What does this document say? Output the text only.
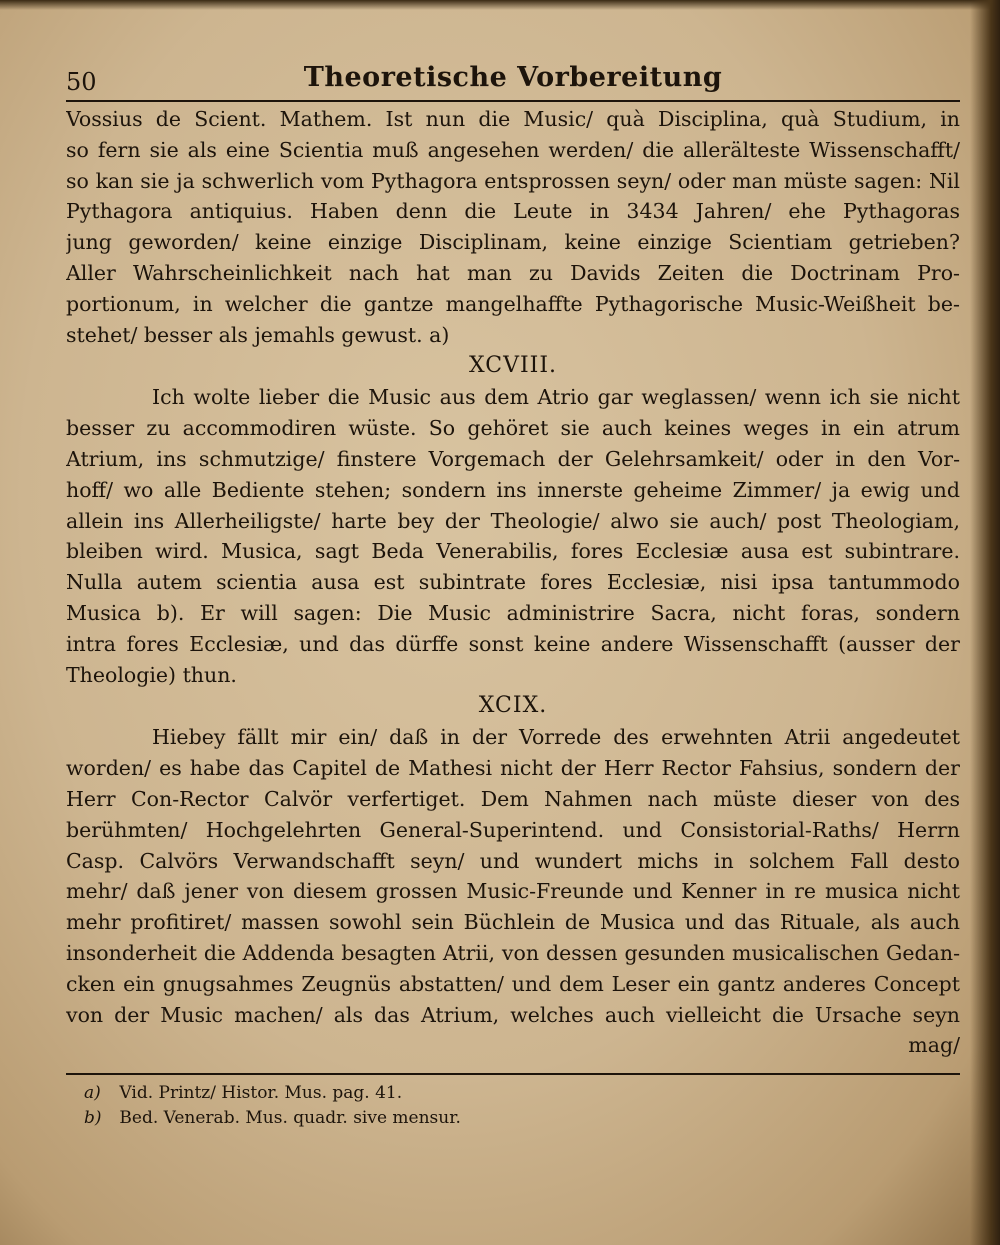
50	Theoretische Vorbereitung
Vossius de Scient. Mathem. Ist nun die Music/ quà Disciplina, quà Studium, in
so fern sie als eine Scientia muß angesehen werden/ die allerälteste Wissenschafft/
so kan sie ja schwerlich vom Pythagora entsprossen seyn/ oder man müste sagen: Nil
Pythagora antiquius. Haben denn die Leute in 3434 Jahren/ ehe Pythagoras
jung geworden/ keine einzige Disciplinam, keine einzige Scientiam getrieben?
Aller Wahrscheinlichkeit nach hat man zu Davids Zeiten die Doctrinam Pro-
portionum, in welcher die gantze mangelhaffte Pythagorische Music-Weißheit be-
stehet/ besser als jemahls gewust. a)
XCVIII.
Ich wolte lieber die Music aus dem Atrio gar weglassen/ wenn ich sie nicht
besser zu accommodiren wüste. So gehöret sie auch keines weges in ein atrum
Atrium, ins schmutzige/ finstere Vorgemach der Gelehrsamkeit/ oder in den Vor-
hoff/ wo alle Bediente stehen; sondern ins innerste geheime Zimmer/ ja ewig und
allein ins Allerheiligste/ harte bey der Theologie/ alwo sie auch/ post Theologiam,
bleiben wird. Musica, sagt Beda Venerabilis, fores Ecclesiæ ausa est subintrare.
Nulla autem scientia ausa est subintrate fores Ecclesiæ, nisi ipsa tantummodo
Musica b). Er will sagen: Die Music administrire Sacra, nicht foras, sondern
intra fores Ecclesiæ, und das dürffe sonst keine andere Wissenschafft (ausser der
Theologie) thun.
XCIX.
Hiebey fällt mir ein/ daß in der Vorrede des erwehnten Atrii angedeutet
worden/ es habe das Capitel de Mathesi nicht der Herr Rector Fahsius, sondern der
Herr Con-Rector Calvör verfertiget. Dem Nahmen nach müste dieser von des
berühmten/ Hochgelehrten General-Superintend. und Consistorial-Raths/ Herrn
Casp. Calvörs Verwandschafft seyn/ und wundert michs in solchem Fall desto
mehr/ daß jener von diesem grossen Music-Freunde und Kenner in re musica nicht
mehr profitiret/ massen sowohl sein Büchlein de Musica und das Rituale, als auch
insonderheit die Addenda besagten Atrii, von dessen gesunden musicalischen Gedan-
cken ein gnugsahmes Zeugnüs abstatten/ und dem Leser ein gantz anderes Concept
von der Music machen/ als das Atrium, welches auch vielleicht die Ursache seyn
mag/
a) Vid. Printz/ Histor. Mus. pag. 41.
b) Bed. Venerab. Mus. quadr. sive mensur.
